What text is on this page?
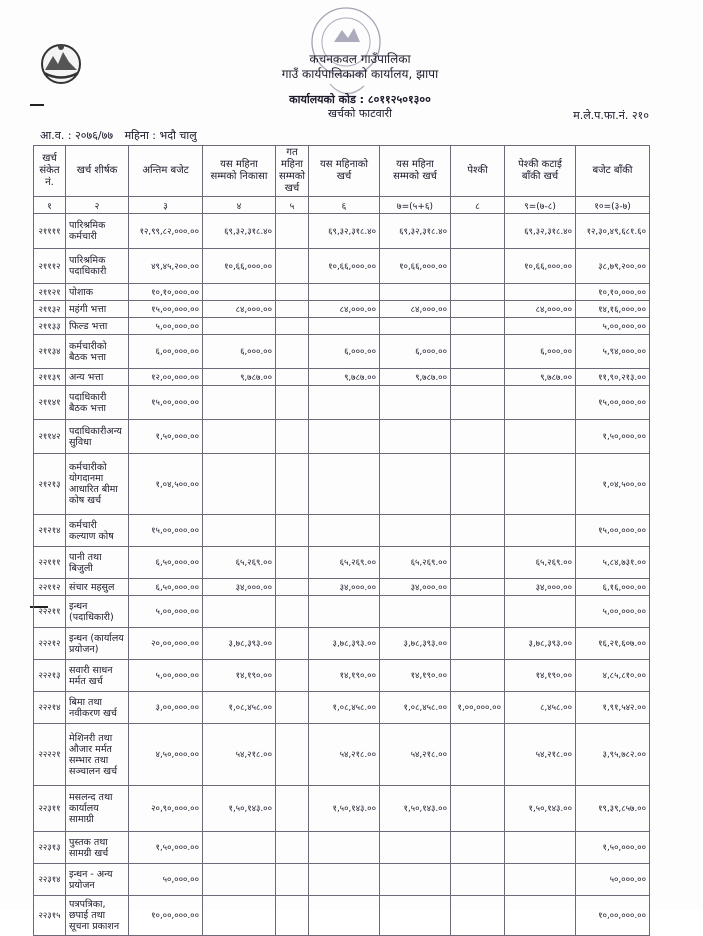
कचनकवल गाउँपालिका
गाउँ कार्यपालिकाको कार्यालय, झापा
कार्यालयको कोड : ८०११२५०१३००
खर्चको फाटवारी	म.ले.प.फा.नं. २१०
आ.व. : २०७६/७७ महिना : भदौ चालु
खर्च संकेत नं.	खर्च शीर्षक	अन्तिम बजेट	यस महिना सम्मको निकासा	गत महिना सम्मको खर्च	यस महिनाको खर्च	यस महिना सम्मको खर्च	पेश्की	पेश्की कटाई बाँकी खर्च	बजेट बाँकी
१	२	३	४	५	६	७=(५+६)	८	९=(७-८)	१०=(३-७)
२११११	पारिश्रमिक कर्मचारी	१२,९९,८२,०००.००	६९,३२,३१८.४०		६९,३२,३१८.४०	६९,३२,३१८.४०		६९,३२,३१८.४०	१२,३०,४९,६८१.६०
२१११२	पारिश्रमिक पदाधिकारी	४९,४५,२००.००	१०,६६,०००.००		१०,६६,०००.००	१०,६६,०००.००		१०,६६,०००.००	३८,७९,२००.००
२११२१	पोशाक	१०,१०,०००.००							१०,१०,०००.००
२११३२	महंगी भत्ता	१५,००,०००.००	८४,०००.००		८४,०००.००	८४,०००.००		८४,०००.००	१४,१६,०००.००
२११३३	फिल्ड भत्ता	५,००,०००.००							५,००,०००.००
२११३४	कर्मचारीको बैठक भत्ता	६,००,०००.००	६,०००.००		६,०००.००	६,०००.००		६,०००.००	५,९४,०००.००
२११३९	अन्य भत्ता	१२,००,०००.००	९,७८७.००		९,७८७.००	९,७८७.००		९,७८७.००	११,९०,२१३.००
२११४१	पदाधिकारी बैठक भत्ता	१५,००,०००.००							१५,००,०००.००
२११४२	पदाधिकारीअन्य सुविधा	१,५०,०००.००							१,५०,०००.००
२१२१३	कर्मचारीको योगदानमा आधारित बीमा कोष खर्च	१,०४,५००.००							१,०४,५००.००
२१२१४	कर्मचारी कल्याण कोष	१५,००,०००.००							१५,००,०००.००
२२१११	पानी तथा बिजुली	६,५०,०००.००	६५,२६९.००		६५,२६९.००	६५,२६९.००		६५,२६९.००	५,८४,७३१.००
२२११२	संचार महसुल	६,५०,०००.००	३४,०००.००		३४,०००.००	३४,०००.००		३४,०००.००	६,१६,०००.००
२२२११	इन्धन (पदाधिकारी)	५,००,०००.००							५,००,०००.००
२२२१२	इन्धन (कार्यालय प्रयोजन)	२०,००,०००.००	३,७८,३९३.००		३,७८,३९३.००	३,७८,३९३.००		३,७८,३९३.००	१६,२१,६०७.००
२२२१३	सवारी साधन मर्मत खर्च	५,००,०००.००	१४,१९०.००		१४,१९०.००	१४,१९०.००		१४,१९०.००	४,८५,८१०.००
२२२१४	बिमा तथा नवीकरण खर्च	३,००,०००.००	१,०८,४५८.००		१,०८,४५८.००	१,०८,४५८.००	१,००,०००.००	८,४५८.००	१,९१,५४२.००
२२२२१	मेशिनरी तथा औजार मर्मत सम्भार तथा सञ्चालन खर्च	४,५०,०००.००	५४,२१८.००		५४,२१८.००	५४,२१८.००		५४,२१८.००	३,९५,७८२.००
२२३११	मसलन्द तथा कार्यालय सामाग्री	२०,९०,०००.००	१,५०,१४३.००		१,५०,१४३.००	१,५०,१४३.००		१,५०,१४३.००	१९,३९,८५७.००
२२३१३	पुस्तक तथा सामग्री खर्च	१,५०,०००.००							१,५०,०००.००
२२३१४	इन्धन - अन्य प्रयोजन	५०,०००.००							५०,०००.००
२२३१५	पत्रपत्रिका, छपाई तथा सूचना प्रकाशन	१०,००,०००.००							१०,००,०००.००
